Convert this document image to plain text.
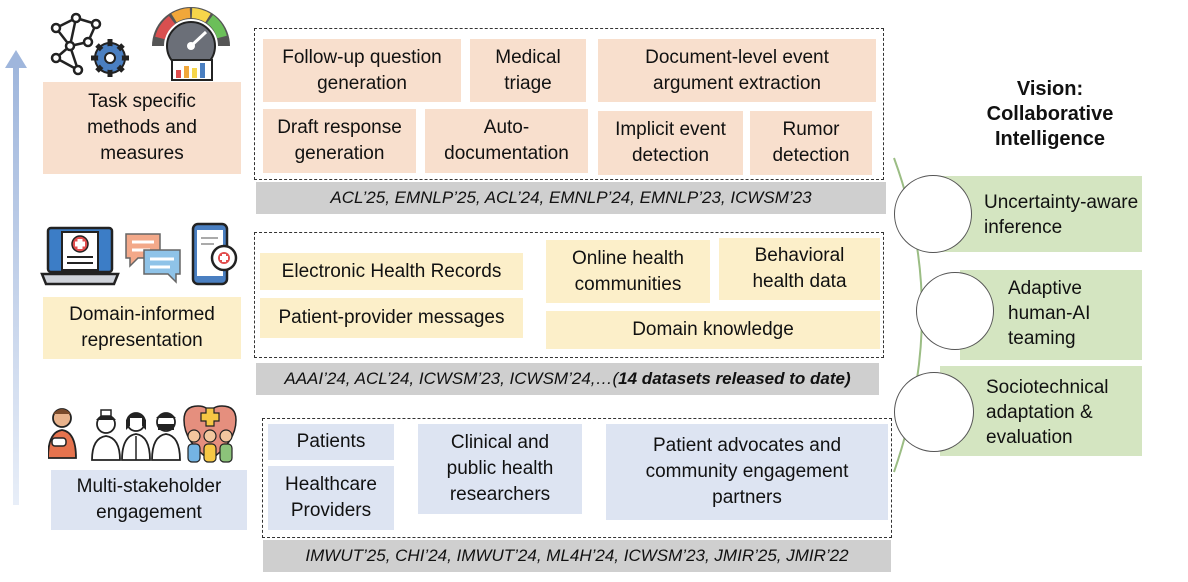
Task specific
methods and
measures
Follow-up question
generation
Medical
triage
Document-level event
argument extraction
Draft response
generation
Auto-
documentation
Implicit event
detection
Rumor
detection
ACL’25, EMNLP’25, ACL’24, EMNLP’24, EMNLP’23, ICWSM’23
Domain-informed
representation
Electronic Health Records
Online health
communities
Behavioral
health data
Patient-provider messages
Domain knowledge
AAAI’24, ACL’24, ICWSM’23, ICWSM’24,…( 14 datasets released to date)
Multi-stakeholder
engagement
Patients
Healthcare
Providers
Clinical and
public health
researchers
Patient advocates and
community engagement
partners
IMWUT’25, CHI’24, IMWUT’24, ML4H’24, ICWSM’23, JMIR’25, JMIR’22
Vision:
Collaborative
Intelligence
Uncertainty-aware
inference
Adaptive
human-AI
teaming
Sociotechnical
adaptation &
evaluation
